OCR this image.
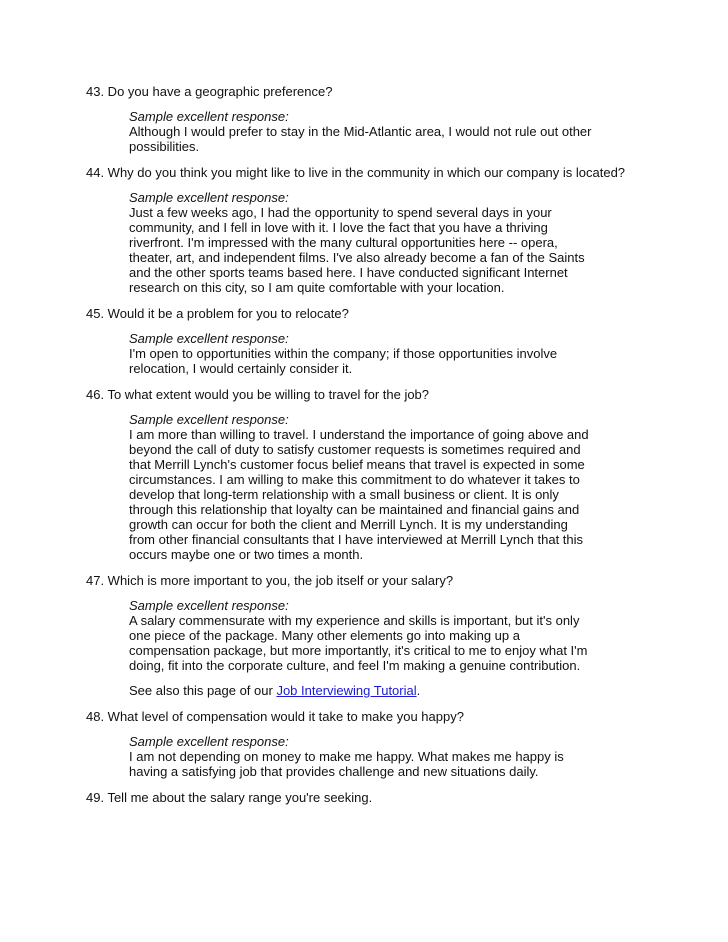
43. Do you have a geographic preference?

Sample excellent response:

Although I would prefer to stay in the Mid-Atlantic area, I would not rule out other
possibilities.

44. Why do you think you might like to live in the community in which our company is located?

Sample excellent response:

Just a few weeks ago, I had the opportunity to spend several days in your
community, and I fell in love with it. I love the fact that you have a thriving
riverfront. I'm impressed with the many cultural opportunities here -- opera,
theater, art, and independent films. I've also already become a fan of the Saints
and the other sports teams based here. I have conducted significant Internet
research on this city, so I am quite comfortable with your location.

45. Would it be a problem for you to relocate?

Sample excellent response:

I'm open to opportunities within the company; if those opportunities involve
relocation, I would certainly consider it.

46. To what extent would you be willing to travel for the job?

Sample excellent response:

I am more than willing to travel. I understand the importance of going above and
beyond the call of duty to satisfy customer requests is sometimes required and
that Merrill Lynch's customer focus belief means that travel is expected in some
circumstances. I am willing to make this commitment to do whatever it takes to
develop that long-term relationship with a small business or client. It is only
through this relationship that loyalty can be maintained and financial gains and
growth can occur for both the client and Merrill Lynch. It is my understanding
from other financial consultants that I have interviewed at Merrill Lynch that this
occurs maybe one or two times a month.

47. Which is more important to you, the job itself or your salary?

Sample excellent response:

A salary commensurate with my experience and skills is important, but it's only
one piece of the package. Many other elements go into making up a
compensation package, but more importantly, it's critical to me to enjoy what I'm
doing, fit into the corporate culture, and feel I'm making a genuine contribution.

See also this page of our Job Interviewing Tutorial.

48. What level of compensation would it take to make you happy?

Sample excellent response:

I am not depending on money to make me happy. What makes me happy is
having a satisfying job that provides challenge and new situations daily.

49. Tell me about the salary range you're seeking.
